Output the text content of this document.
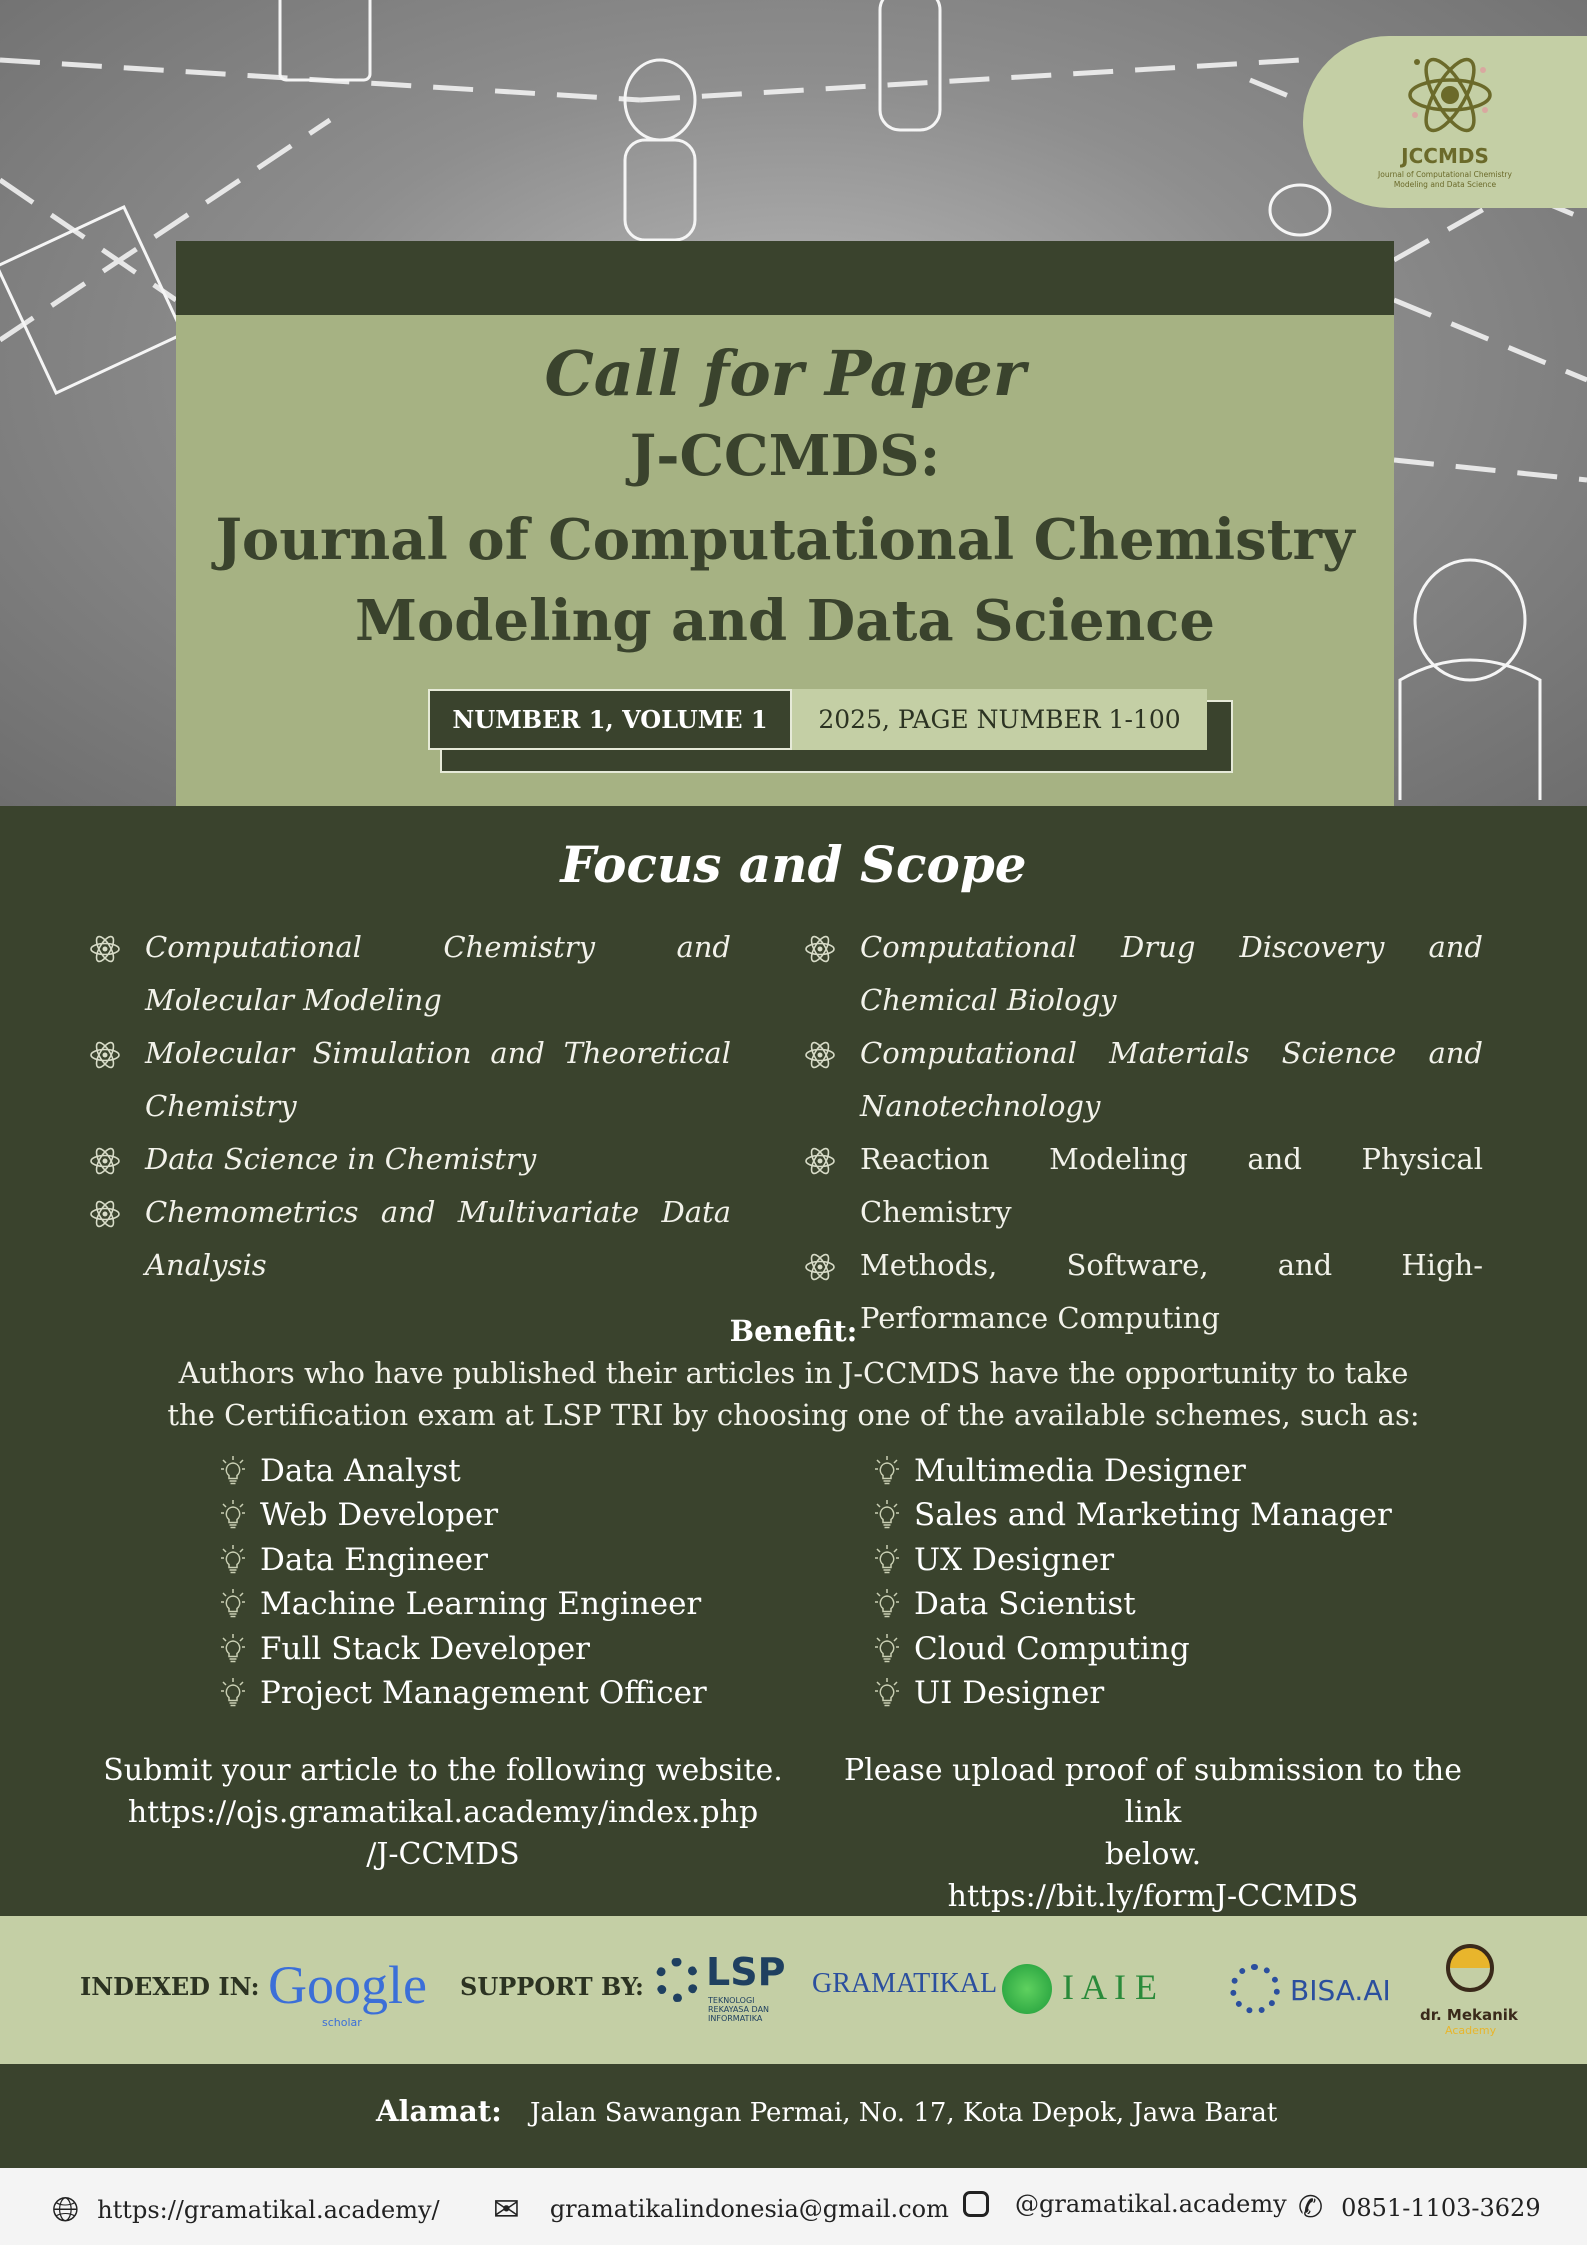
JCCMDS
Journal of Computational Chemistry
Modeling and Data Science
Call for Paper
J-CCMDS:
Journal of Computational Chemistry
Modeling and Data Science
NUMBER 1, VOLUME 1	2025, PAGE NUMBER 1-100
Focus and Scope
Computational Chemistry and Molecular Modeling
Molecular Simulation and Theoretical Chemistry
Data Science in Chemistry
Chemometrics and Multivariate Data Analysis
Computational Drug Discovery and Chemical Biology
Computational Materials Science and Nanotechnology
Reaction Modeling and Physical Chemistry
Methods, Software, and High-Performance Computing
Benefit:

Authors who have published their articles in J-CCMDS have the opportunity to take

the Certification exam at LSP TRI by choosing one of the available schemes, such as:

Data Analyst
Web Developer
Data Engineer
Machine Learning Engineer
Full Stack Developer
Project Management Officer
Multimedia Designer
Sales and Marketing Manager
UX Designer
Data Scientist
Cloud Computing
UI Designer
Submit your article to the following website.
https://ojs.gramatikal.academy/index.php
/J-CCMDS
Please upload proof of submission to the link
below.
https://bit.ly/formJ-CCMDS
INDEXED IN: Google
scholar
SUPPORT BY: LSP
TEKNOLOGI REKAYASA DAN INFORMATIKA
GRAMATIKAL I A I E	BISA.AI
dr. Mekanik
Academy
Alamat: Jalan Sawangan Permai, No. 17, Kota Depok, Jawa Barat
🌐︎ https://gramatikal.academy/ ✉ gramatikalindonesia@gmail.com	@gramatikal.academy ✆ 0851-1103-3629
